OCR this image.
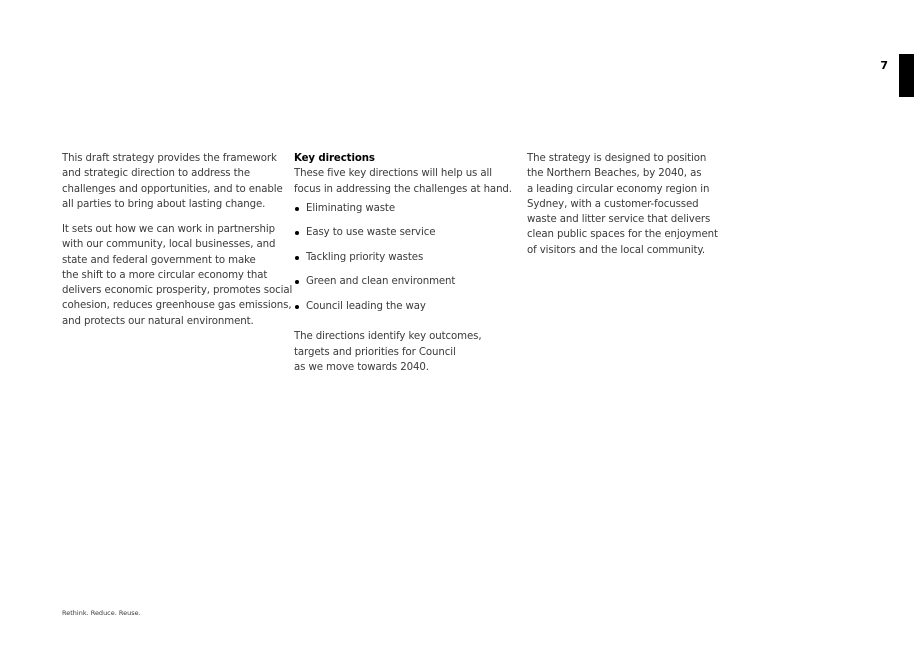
7

This draft strategy provides the framework
and strategic direction to address the
challenges and opportunities, and to enable
all parties to bring about lasting change.

It sets out how we can work in partnership
with our community, local businesses, and
state and federal government to make
the shift to a more circular economy that
delivers economic prosperity, promotes social
cohesion, reduces greenhouse gas emissions,
and protects our natural environment.

Key directions
These five key directions will help us all
focus in addressing the challenges at hand.
Eliminating waste
Easy to use waste service
Tackling priority wastes
Green and clean environment
Council leading the way

The directions identify key outcomes,
targets and priorities for Council
as we move towards 2040.

The strategy is designed to position
the Northern Beaches, by 2040, as
a leading circular economy region in
Sydney, with a customer-focussed
waste and litter service that delivers
clean public spaces for the enjoyment
of visitors and the local community.

Rethink. Reduce. Reuse.
